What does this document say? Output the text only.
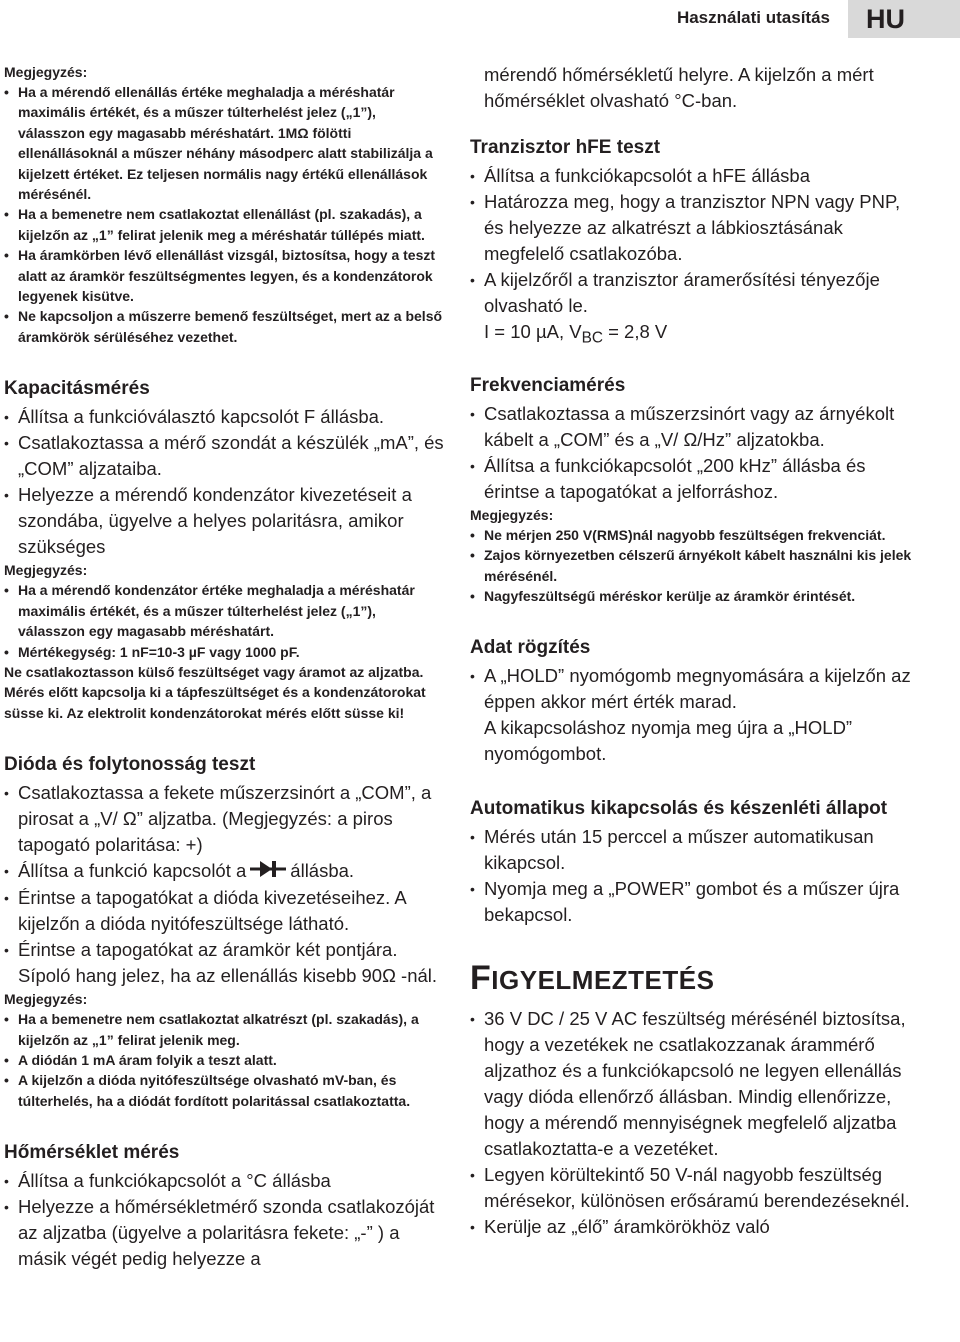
Használati utasítás	HU

Megjegyzés:

• Ha a mérendő ellenállás értéke meghaladja a méréshatár maximális értékét, és a műszer túlterhelést jelez („1”), válasszon egy magasabb méréshatárt. 1MΩ fölötti ellenállásoknál a műszer néhány másodperc alatt stabilizálja a kijelzett értéket. Ez teljesen normális nagy értékű ellenállások mérésénél.
• Ha a bemenetre nem csatlakoztat ellenállást (pl. szakadás), a kijelzőn az „1” felirat jelenik meg a méréshatár túllépés miatt.
• Ha áramkörben lévő ellenállást vizsgál, biztosítsa, hogy a teszt alatt az áramkör feszültségmentes legyen, és a kondenzátorok legyenek kisütve.
• Ne kapcsoljon a műszerre bemenő feszültséget, mert az a belső áramkörök sérüléséhez vezethet.
Kapacitásmérés
• Állítsa a funkcióválasztó kapcsolót F állásba.
• Csatlakoztassa a mérő szondát a készülék „mA”, és „COM” aljzataiba.
• Helyezze a mérendő kondenzátor kivezetéseit a szondába, ügyelve a helyes polaritásra, amikor szükséges

Megjegyzés:

• Ha a mérendő kondenzátor értéke meghaladja a méréshatár maximális értékét, és a műszer túlterhelést jelez („1”), válasszon egy magasabb méréshatárt.
• Mértékegység: 1 nF=10-3 µF vagy 1000 pF.

Ne csatlakoztasson külső feszültséget vagy áramot az aljzatba. Mérés előtt kapcsolja ki a tápfeszültséget és a kondenzátorokat süsse ki. Az elektrolit kondenzátorokat mérés előtt süsse ki!

Dióda és folytonosság teszt
• Csatlakoztassa a fekete műszerzsinórt a „COM”, a pirosat a „V/ Ω” aljzatba. (Megjegyzés: a piros tapogató polaritása: +)
• Állítsa a funkció kapcsolót a állásba.
• Érintse a tapogatókat a dióda kivezetéseihez. A kijelzőn a dióda nyitófeszültsége látható.
• Érintse a tapogatókat az áramkör két pontjára. Sípoló hang jelez, ha az ellenállás kisebb 90Ω -nál.

Megjegyzés:

• Ha a bemenetre nem csatlakoztat alkatrészt (pl. szakadás), a kijelzőn az „1” felirat jelenik meg.
• A diódán 1 mA áram folyik a teszt alatt.
• A kijelzőn a dióda nyitófeszültsége olvasható mV-ban, és túlterhelés, ha a diódát fordított polaritással csatlakoztatta.
Hőmérséklet mérés
• Állítsa a funkciókapcsolót a °C állásba
• Helyezze a hőmérsékletmérő szonda csatlakozóját az aljzatba (ügyelve a polaritásra fekete: „-” ) a másik végét pedig helyezze a

mérendő hőmérsékletű helyre. A kijelzőn a mért hőmérséklet olvasható °C-ban.

Tranzisztor hFE teszt
• Állítsa a funkciókapcsolót a hFE állásba
• Határozza meg, hogy a tranzisztor NPN vagy PNP, és helyezze az alkatrészt a lábkiosztásának megfelelő csatlakozóba.
• A kijelzőről a tranzisztor áramerősítési tényezője olvasható le.

I = 10 µA, $V_{BC} = 2,8$ V

Frekvenciamérés
• Csatlakoztassa a műszerzsinórt vagy az árnyékolt kábelt a „COM” és a „V/ Ω/Hz” aljzatokba.
• Állítsa a funkciókapcsolót „200 kHz” állásba és érintse a tapogatókat a jelforráshoz.

Megjegyzés:

• Ne mérjen 250 V(RMS)nál nagyobb feszültségen frekvenciát.
• Zajos környezetben célszerű árnyékolt kábelt használni kis jelek mérésénél.
• Nagyfeszültségű méréskor kerülje az áramkör érintését.
Adat rögzítés
• A „HOLD” nyomógomb megnyomására a kijelzőn az éppen akkor mért érték marad.

A kikapcsoláshoz nyomja meg újra a „HOLD” nyomógombot.

Automatikus kikapcsolás és készenléti állapot
• Mérés után 15 perccel a műszer automatikusan kikapcsol.
• Nyomja meg a „POWER” gombot és a műszer újra bekapcsol.
FIGYELMEZTETÉS
• 36 V DC / 25 V AC feszültség mérésénél biztosítsa, hogy a vezetékek ne csatlakozzanak árammérő aljzathoz és a funkciókapcsoló ne legyen ellenállás vagy dióda ellenőrző állásban. Mindig ellenőrizze, hogy a mérendő mennyiségnek megfelelő aljzatba csatlakoztatta-e a vezetéket.
• Legyen körültekintő 50 V-nál nagyobb feszültség mérésekor, különösen erősáramú berendezéseknél.
• Kerülje az „élő” áramkörökhöz való
